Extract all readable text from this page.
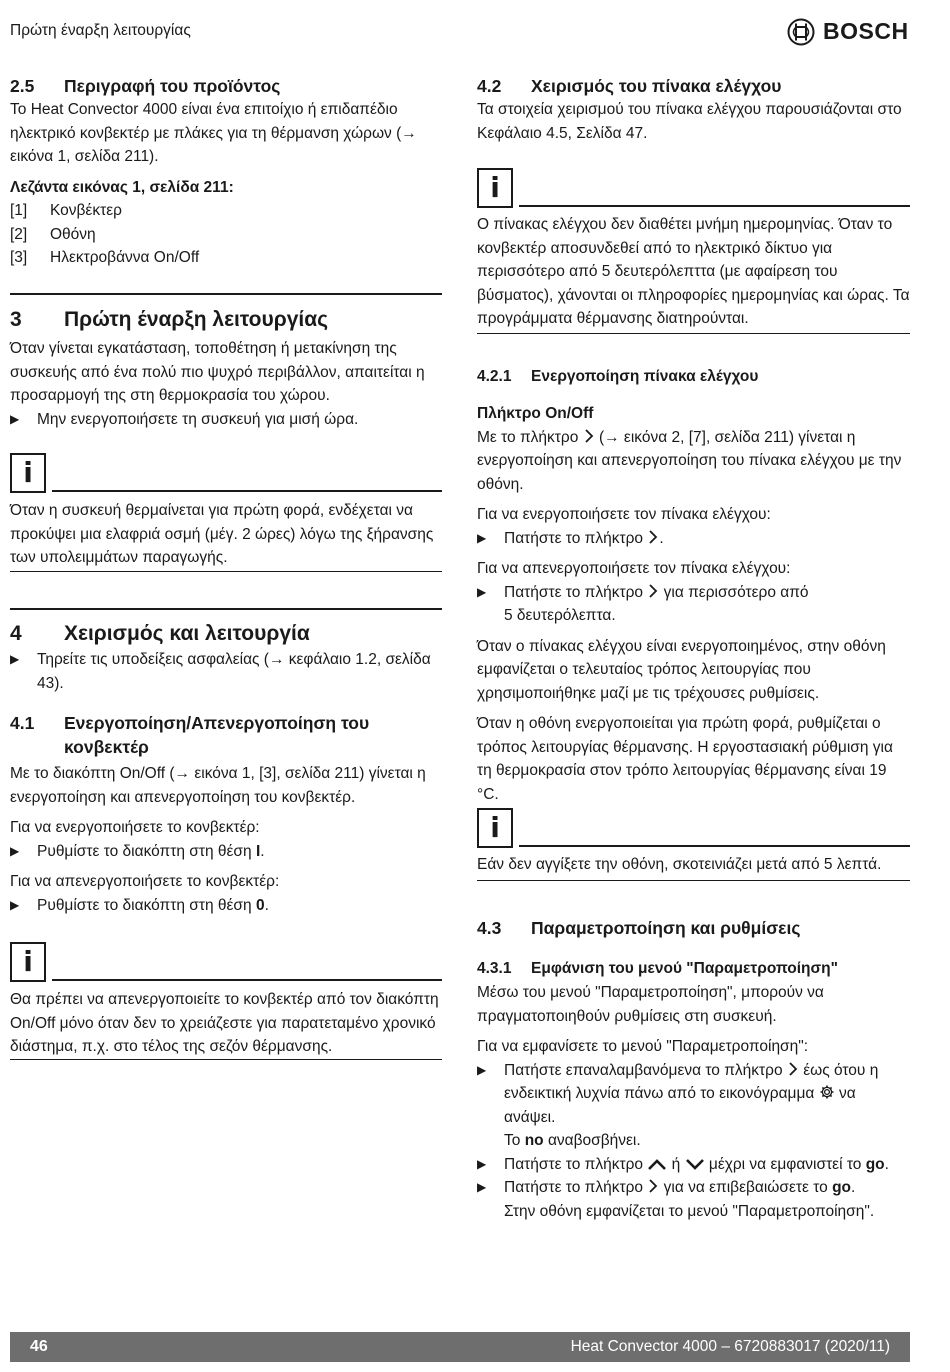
Πρώτη έναρξη λειτουργίας	BOSCH
2.5	Περιγραφή του προϊόντος

Το Heat Convector 4000 είναι ένα επιτοίχιο ή επιδαπέδιο ηλεκτρικό κονβεκτέρ με πλάκες για τη θέρμανση χώρων (→ εικόνα 1, σελίδα 211).

Λεζάντα εικόνας 1, σελίδα 211:
[1]	Κονβέκτερ
[2]	Οθόνη
[3]	Ηλεκτροβάννα On/Off
3	Πρώτη έναρξη λειτουργίας

Όταν γίνεται εγκατάσταση, τοποθέτηση ή μετακίνηση της συσκευής από ένα πολύ πιο ψυχρό περιβάλλον, απαιτείται η προσαρμογή της στη θερμοκρασία του χώρου.

▶	Μην ενεργοποιήσετε τη συσκευή για μισή ώρα.
i
Όταν η συσκευή θερμαίνεται για πρώτη φορά, ενδέχεται να προκύψει μια ελαφριά οσμή (μέγ. 2 ώρες) λόγω της ξήρανσης των υπολειμμάτων παραγωγής.
4	Χειρισμός και λειτουργία
▶	Τηρείτε τις υποδείξεις ασφαλείας (→ κεφάλαιο 1.2, σελίδα 43).
4.1	Ενεργοποίηση/Απενεργοποίηση του κονβεκτέρ

Με το διακόπτη On/Off (→ εικόνα 1, [3], σελίδα 211) γίνεται η ενεργοποίηση και απενεργοποίηση του κονβεκτέρ.

Για να ενεργοποιήσετε το κονβεκτέρ:

▶	Ρυθμίστε το διακόπτη στη θέση I.

Για να απενεργοποιήσετε το κονβεκτέρ:

▶	Ρυθμίστε το διακόπτη στη θέση 0.
i
Θα πρέπει να απενεργοποιείτε το κονβεκτέρ από τον διακόπτη On/Off μόνο όταν δεν το χρειάζεστε για παρατεταμένο χρονικό διάστημα, π.χ. στο τέλος της σεζόν θέρμανσης.
4.2	Χειρισμός του πίνακα ελέγχου

Τα στοιχεία χειρισμού του πίνακα ελέγχου παρουσιάζονται στο Κεφάλαιο 4.5, Σελίδα 47.

i
Ο πίνακας ελέγχου δεν διαθέτει μνήμη ημερομηνίας. Όταν το κονβεκτέρ αποσυνδεθεί από το ηλεκτρικό δίκτυο για περισσότερο από 5 δευτερόλεπττα (με αφαίρεση του βύσματος), χάνονται οι πληροφορίες ημερομηνίας και ώρας. Τα προγράμματα θέρμανσης διατηρούνται.
4.2.1	Ενεργοποίηση πίνακα ελέγχου
Πλήκτρο On/Off

Με το πλήκτρο (→ εικόνα 2, [7], σελίδα 211) γίνεται η ενεργοποίηση και απενεργοποίηση του πίνακα ελέγχου με την οθόνη.

Για να ενεργοποιήσετε τον πίνακα ελέγχου:

▶	Πατήστε το πλήκτρο .

Για να απενεργοποιήσετε τον πίνακα ελέγχου:

▶	Πατήστε το πλήκτρο για περισσότερο από
5 δευτερόλεπτα.

Όταν ο πίνακας ελέγχου είναι ενεργοποιημένος, στην οθόνη εμφανίζεται ο τελευταίος τρόπος λειτουργίας που χρησιμοποιήθηκε μαζί με τις τρέχουσες ρυθμίσεις.

Όταν η οθόνη ενεργοποιείται για πρώτη φορά, ρυθμίζεται ο τρόπος λειτουργίας θέρμανσης. Η εργοστασιακή ρύθμιση για τη θερμοκρασία στον τρόπο λειτουργίας θέρμανσης είναι 19 °C.

i
Εάν δεν αγγίξετε την οθόνη, σκοτεινιάζει μετά από 5 λεπτά.
4.3	Παραμετροποίηση και ρυθμίσεις
4.3.1	Εμφάνιση του μενού "Παραμετροποίηση"

Μέσω του μενού "Παραμετροποίηση", μπορούν να πραγματοποιηθούν ρυθμίσεις στη συσκευή.

Για να εμφανίσετε το μενού "Παραμετροποίηση":

▶	Πατήστε επαναλαμβανόμενα το πλήκτρο έως ότου η
ενδεικτική λυχνία πάνω από το εικονόγραμμα να ανάψει.
Το no αναβοσβήνει.
▶	Πατήστε το πλήκτρο ή μέχρι να εμφανιστεί το go.
▶	Πατήστε το πλήκτρο για να επιβεβαιώσετε το go.
Στην οθόνη εμφανίζεται το μενού "Παραμετροποίηση".
46	Heat Convector 4000 – 6720883017 (2020/11)
